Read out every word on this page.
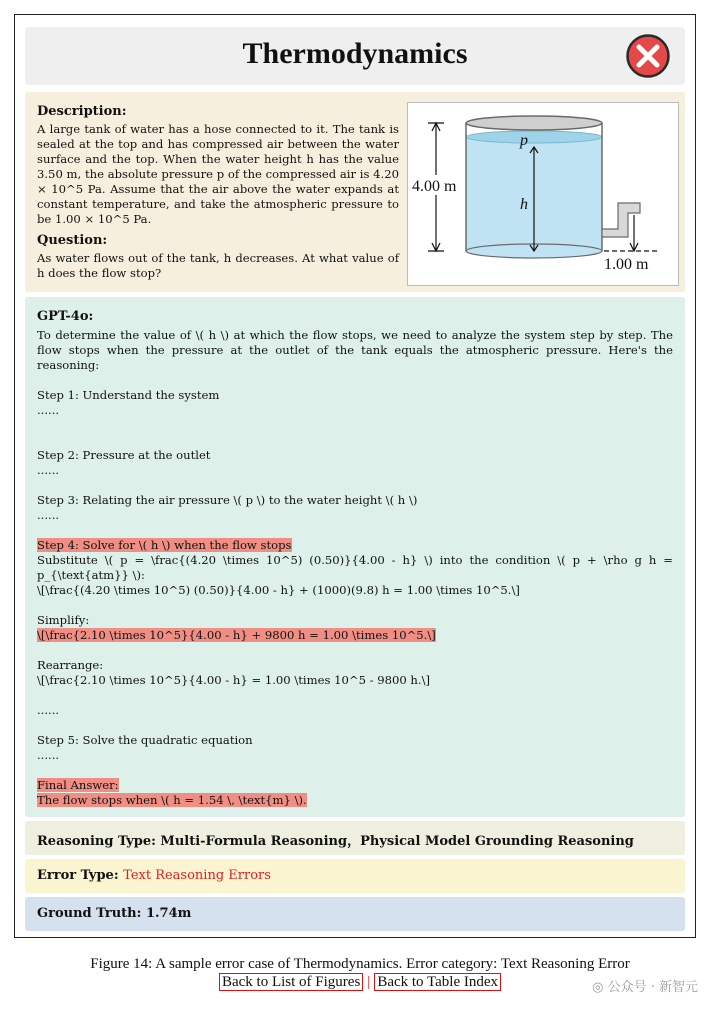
Thermodynamics
Description:
A large tank of water has a hose connected to it. The tank is sealed at the top and has compressed air between the water surface and the top. When the water height h has the value 3.50 m, the absolute pressure p of the compressed air is 4.20 × 10^5 Pa. Assume that the air above the water expands at constant temperature, and take the atmospheric pressure to be 1.00 × 10^5 Pa.
Question:
As water flows out of the tank, h decreases. At what value of h does the flow stop?
p
h
4.00 m
1.00 m
GPT-4o:
To determine the value of \( h \) at which the flow stops, we need to analyze the system step by step. The
flow stops when the pressure at the outlet of the tank equals the atmospheric pressure. Here's the
reasoning:
Step 1: Understand the system
......
Step 2: Pressure at the outlet
......
Step 3: Relating the air pressure \( p \) to the water height \( h \)
......
Step 4: Solve for \( h \) when the flow stops
Substitute \( p = \frac{(4.20 \times 10^5) (0.50)}{4.00 - h} \) into the condition \( p + \rho g h =
p_{\text{atm}} \):
\[\frac{(4.20 \times 10^5) (0.50)}{4.00 - h} + (1000)(9.8) h = 1.00 \times 10^5.\]
Simplify:
\[\frac{2.10 \times 10^5}{4.00 - h} + 9800 h = 1.00 \times 10^5.\]
Rearrange:
\[\frac{2.10 \times 10^5}{4.00 - h} = 1.00 \times 10^5 - 9800 h.\]
......
Step 5: Solve the quadratic equation
......
Final Answer:
The flow stops when \( h = 1.54 \, \text{m} \).
Reasoning Type: Multi-Formula Reasoning，Physical Model Grounding Reasoning
Error Type: Text Reasoning Errors
Ground Truth: 1.74m
Figure 14: A sample error case of Thermodynamics. Error category: Text Reasoning Error
Back to List of Figures | Back to Table Index	◎ 公众号 · 新智元
